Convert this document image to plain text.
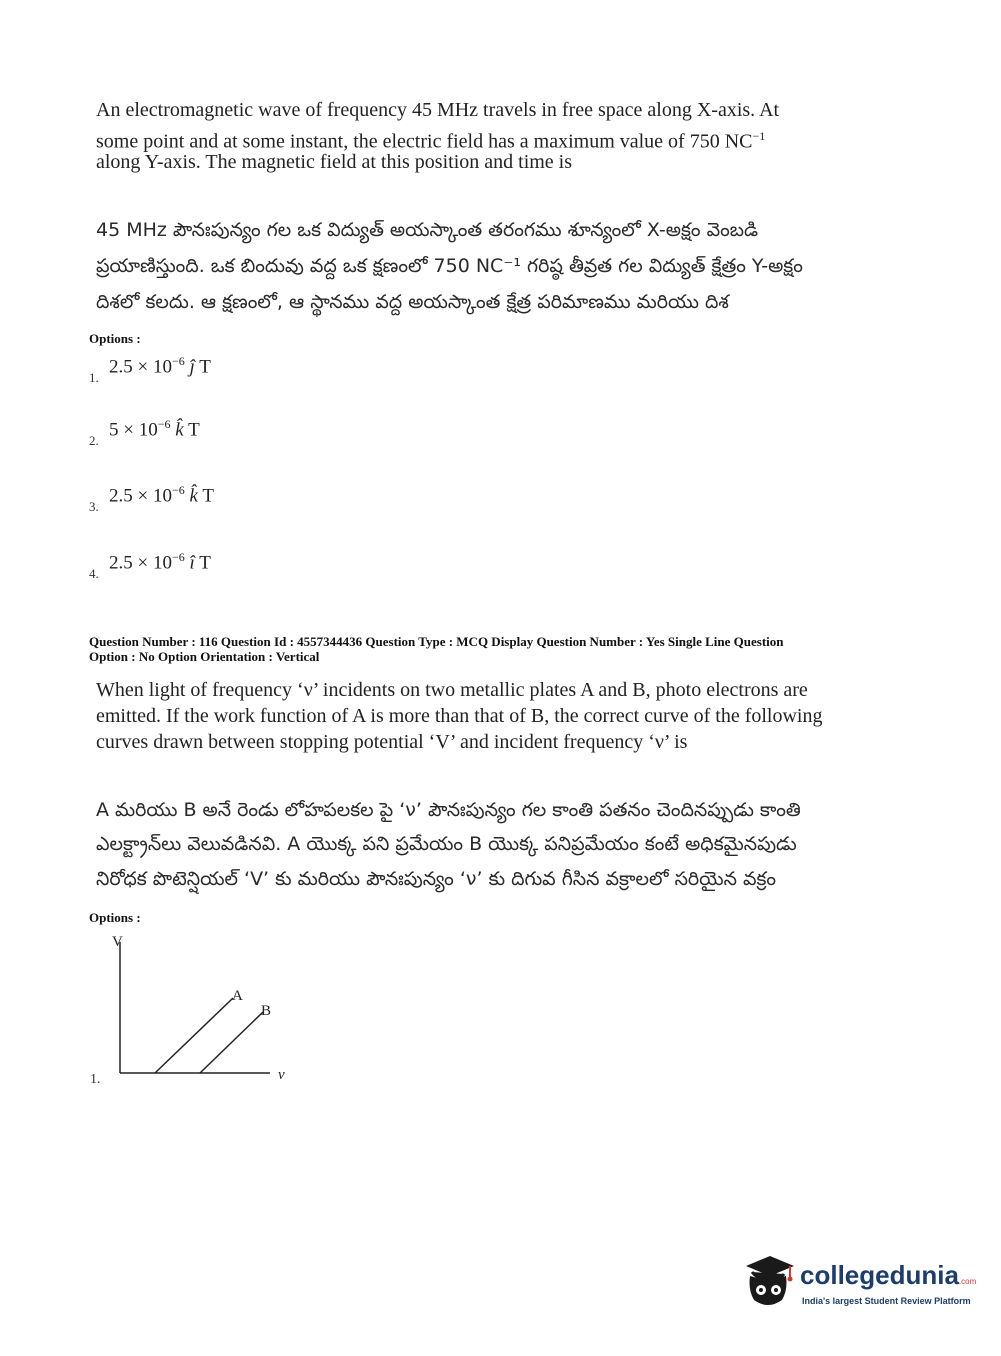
An electromagnetic wave of frequency 45 MHz travels in free space along X-axis. At
some point and at some instant, the electric field has a maximum value of 750 $NC^{-1}$
along Y-axis. The magnetic field at this position and time is
45 MHz పౌనఃపున్యం గల ఒక విద్యుత్ అయస్కాంత తరంగము శూన్యంలో X-అక్షం వెంబడి
ప్రయాణిస్తుంది. ఒక బిందువు వద్ద ఒక క్షణంలో 750 NC⁻¹ గరిష్ఠ తీవ్రత గల విద్యుత్ క్షేత్రం Y-అక్షం
దిశలో కలదు. ఆ క్షణంలో, ఆ స్థానము వద్ద అయస్కాంత క్షేత్ర పరిమాణము మరియు దిశ
Options :
1.
$2.5 \times 10^{-6}$ ĵ T
2.
$5 \times 10^{-6}$ k̂ T
3.
$2.5 \times 10^{-6}$ k̂ T
4.
$2.5 \times 10^{-6}$ î T
Question Number : 116 Question Id : 4557344436 Question Type : MCQ Display Question Number : Yes Single Line Question
Option : No Option Orientation : Vertical
When light of frequency ‘ν’ incidents on two metallic plates A and B, photo electrons are
emitted. If the work function of A is more than that of B, the correct curve of the following
curves drawn between stopping potential ‘V’ and incident frequency ‘ν’ is
A మరియు B అనే రెండు లోహపలకల పై ‘ν’ పౌనఃపున్యం గల కాంతి పతనం చెందినప్పుడు కాంతి
ఎలక్ట్రాన్‌లు వెలువడినవి. A యొక్క పని ప్రమేయం B యొక్క పనిప్రమేయం కంటే అధికమైనపుడు
నిరోధక పొటెన్షియల్ ‘V’ కు మరియు పౌనఃపున్యం ‘ν’ కు దిగువ గీసిన వక్రాలలో సరియైన వక్రం
Options :
V
ν
A
B
1.
collegedunia.com
India's largest Student Review Platform
